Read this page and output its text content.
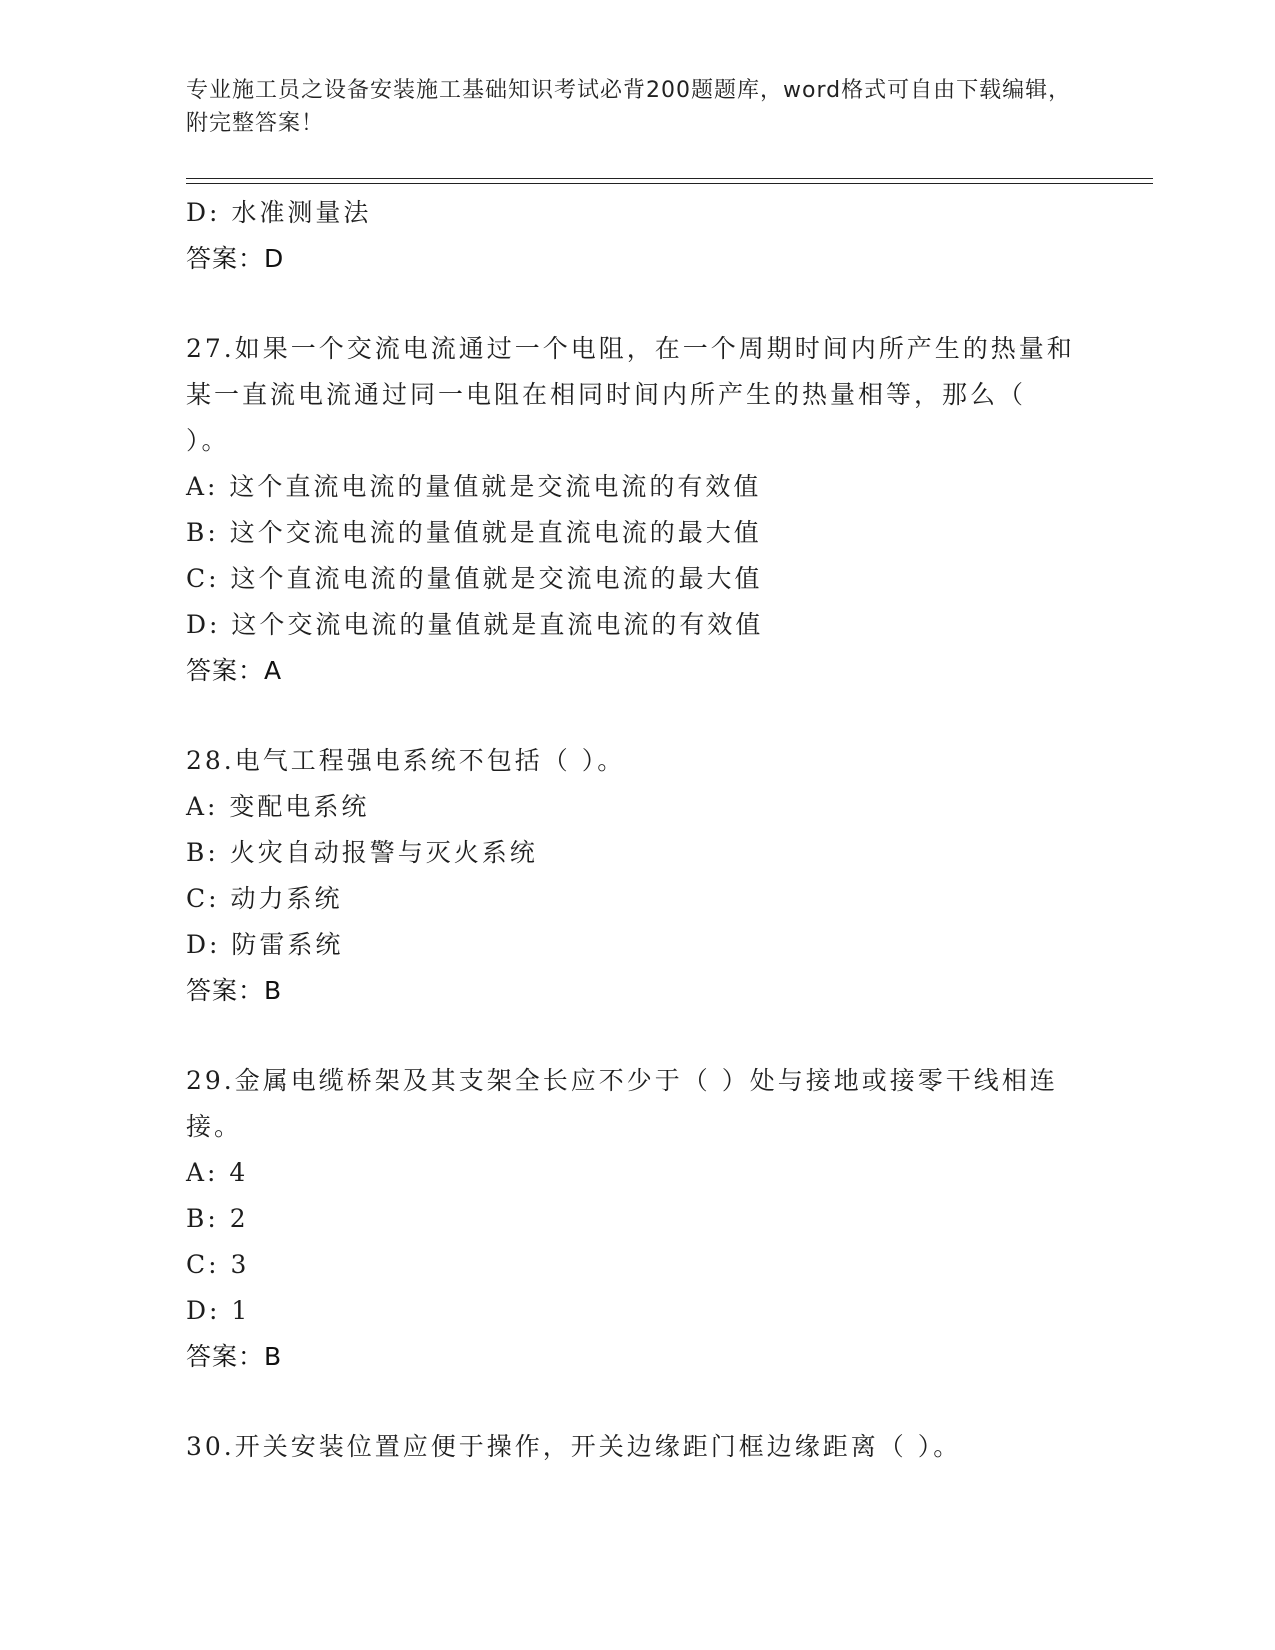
专业施工员之设备安装施工基础知识考试必背200题题库，word格式可自由下载编辑，附完整答案！
D: 水准测量法
答案：D
27.如果一个交流电流通过一个电阻，在一个周期时间内所产生的热量和某一直流电流通过同一电阻在相同时间内所产生的热量相等，那么（ ）。
A: 这个直流电流的量值就是交流电流的有效值
B: 这个交流电流的量值就是直流电流的最大值
C: 这个直流电流的量值就是交流电流的最大值
D: 这个交流电流的量值就是直流电流的有效值
答案：A
28.电气工程强电系统不包括（ ）。
A: 变配电系统
B: 火灾自动报警与灭火系统
C: 动力系统
D: 防雷系统
答案：B
29.金属电缆桥架及其支架全长应不少于（ ）处与接地或接零干线相连接。
A: 4
B: 2
C: 3
D: 1
答案：B
30.开关安装位置应便于操作，开关边缘距门框边缘距离（ ）。
